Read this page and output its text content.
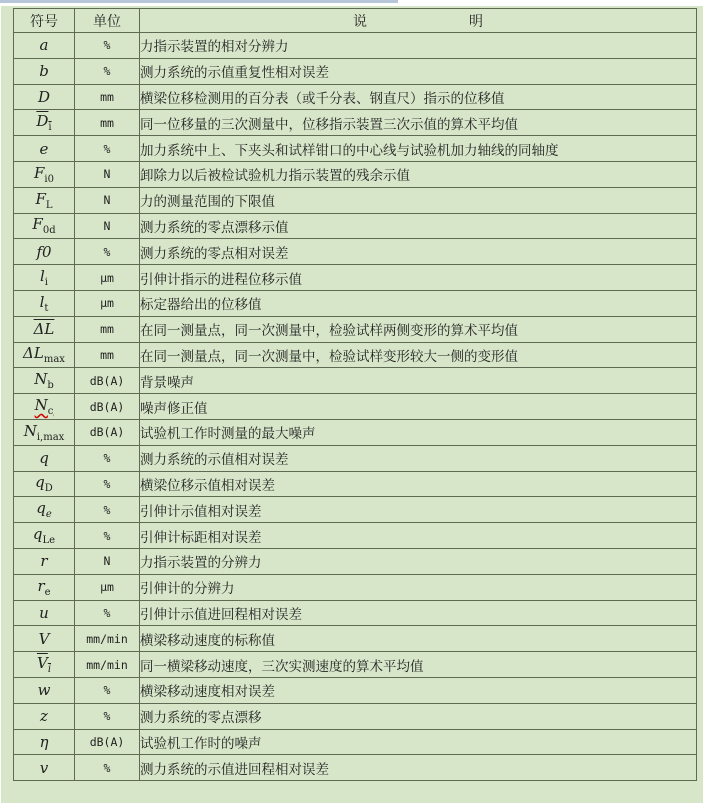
符号	单位	说 明
a	%	力指示装置的相对分辨力
b	%	测力系统的示值重复性相对误差
D	mm	横梁位移检测用的百分表（或千分表、钢直尺）指示的位移值
$D_i$	mm	同一位移量的三次测量中，位移指示装置三次示值的算术平均值
e	%	加力系统中上、下夹头和试样钳口的中心线与试验机加力轴线的同轴度
$F_{i0}$	N	卸除力以后被检试验机力指示装置的残余示值
$F_L$	N	力的测量范围的下限值
$F_{0d}$	N	测力系统的零点漂移示值
f0	%	测力系统的零点相对误差
$l_i$	μm	引伸计指示的进程位移示值
$l_t$	μm	标定器给出的位移值
$\overline{\Delta L}$	mm	在同一测量点，同一次测量中，检验试样两侧变形的算术平均值
$\Delta L_{max}$	mm	在同一测量点，同一次测量中，检验试样变形较大一侧的变形值
$N_b$	dB(A)	背景噪声
$N_c$	dB(A)	噪声修正值
$N_{i,max}$	dB(A)	试验机工作时测量的最大噪声
q	%	测力系统的示值相对误差
$q_D$	%	横梁位移示值相对误差
$q_e$	%	引伸计示值相对误差
$q_{Le}$	%	引伸计标距相对误差
r	N	力指示装置的分辨力
$r_e$	μm	引伸计的分辨力
u	%	引伸计示值进回程相对误差
V	mm/min	横梁移动速度的标称值
$V_i$	mm/min	同一横梁移动速度，三次实测速度的算术平均值
w	%	横梁移动速度相对误差
z	%	测力系统的零点漂移
η	dB(A)	试验机工作时的噪声
v	%	测力系统的示值进回程相对误差
